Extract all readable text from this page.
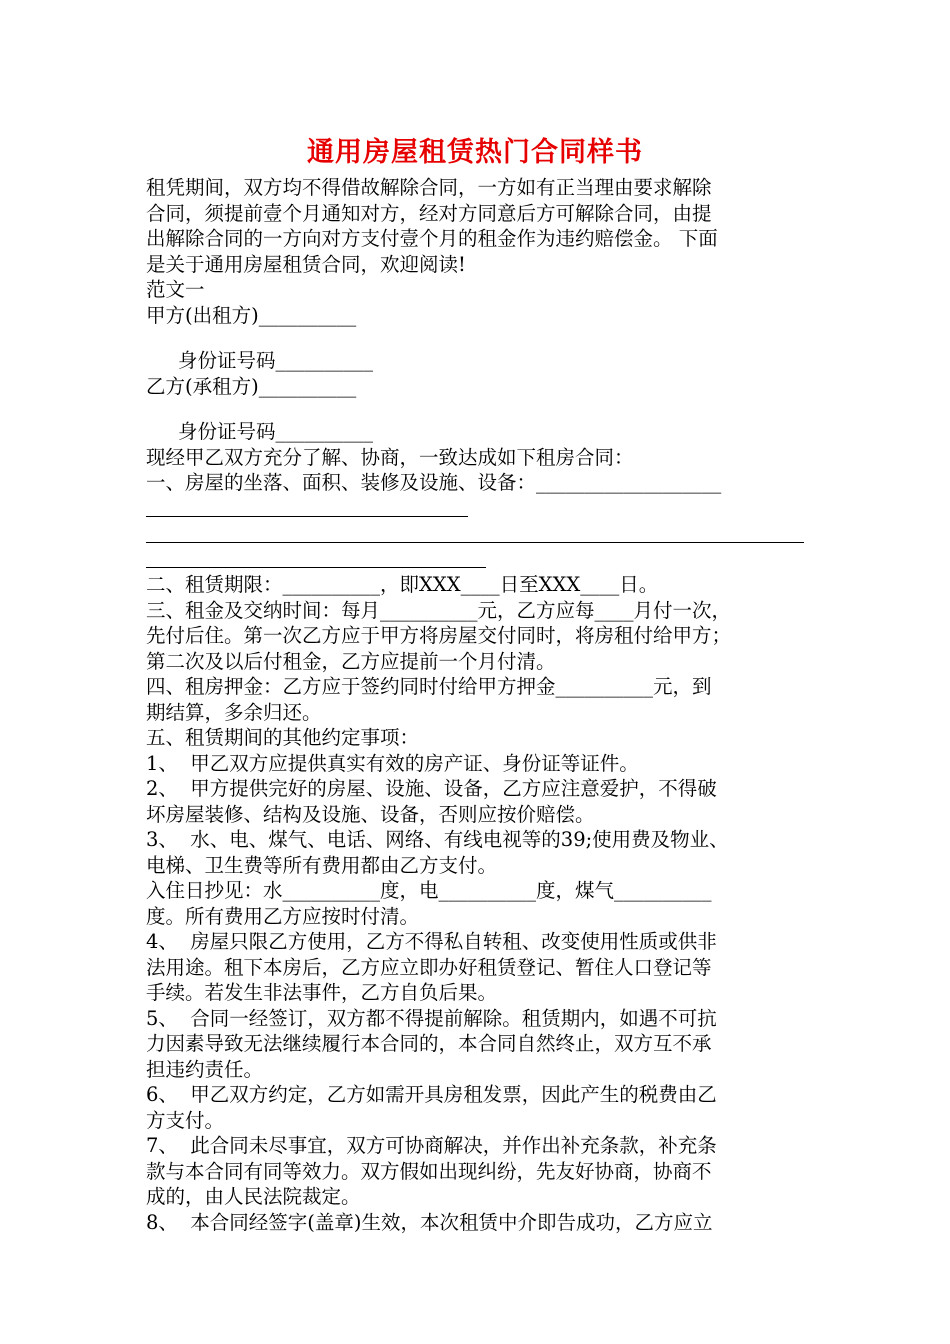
通用房屋租赁热门合同样书
租凭期间，双方均不得借故解除合同，一方如有正当理由要求解除
合同，须提前壹个月通知对方，经对方同意后方可解除合同，由提
出解除合同的一方向对方支付壹个月的租金作为违约赔偿金。 下面
是关于通用房屋租赁合同，欢迎阅读!
范文一
甲方(出租方)__________
身份证号码__________
乙方(承租方)__________
身份证号码__________
现经甲乙双方充分了解、协商，一致达成如下租房合同：
一、房屋的坐落、面积、装修及设施、设备：___________________
二、租赁期限：__________，即XXX____日至XXX____日。
三、租金及交纳时间：每月__________元，乙方应每____月付一次，
先付后住。第一次乙方应于甲方将房屋交付同时，将房租付给甲方；
第二次及以后付租金，乙方应提前一个月付清。
四、租房押金：乙方应于签约同时付给甲方押金__________元，到
期结算，多余归还。
五、租赁期间的其他约定事项：
1、  甲乙双方应提供真实有效的房产证、身份证等证件。
2、  甲方提供完好的房屋、设施、设备，乙方应注意爱护，不得破
坏房屋装修、结构及设施、设备，否则应按价赔偿。
3、  水、电、煤气、电话、网络、有线电视等的39;使用费及物业、
电梯、卫生费等所有费用都由乙方支付。
入住日抄见：水__________度，电__________度，煤气__________
度。所有费用乙方应按时付清。
4、  房屋只限乙方使用，乙方不得私自转租、改变使用性质或供非
法用途。租下本房后，乙方应立即办好租赁登记、暂住人口登记等
手续。若发生非法事件，乙方自负后果。
5、  合同一经签订，双方都不得提前解除。租赁期内，如遇不可抗
力因素导致无法继续履行本合同的，本合同自然终止，双方互不承
担违约责任。
6、  甲乙双方约定，乙方如需开具房租发票，因此产生的税费由乙
方支付。
7、  此合同未尽事宜，双方可协商解决，并作出补充条款，补充条
款与本合同有同等效力。双方假如出现纠纷，先友好协商，协商不
成的，由人民法院裁定。
8、  本合同经签字(盖章)生效，本次租赁中介即告成功，乙方应立
